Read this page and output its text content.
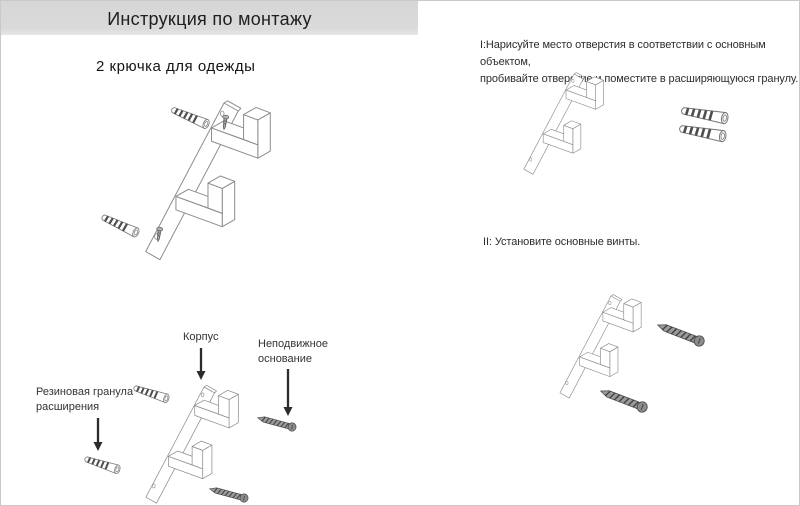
Инструкция по монтажу
2 крючка для одежды
I:Нарисуйте место отверстия в соответствии с основным объектом,
пробивайте отверстие и поместите в расширяющуюся гранулу.
II: Установите основные винты.
Корпус
Неподвижное
основание
Резиновая гранула
расширения
